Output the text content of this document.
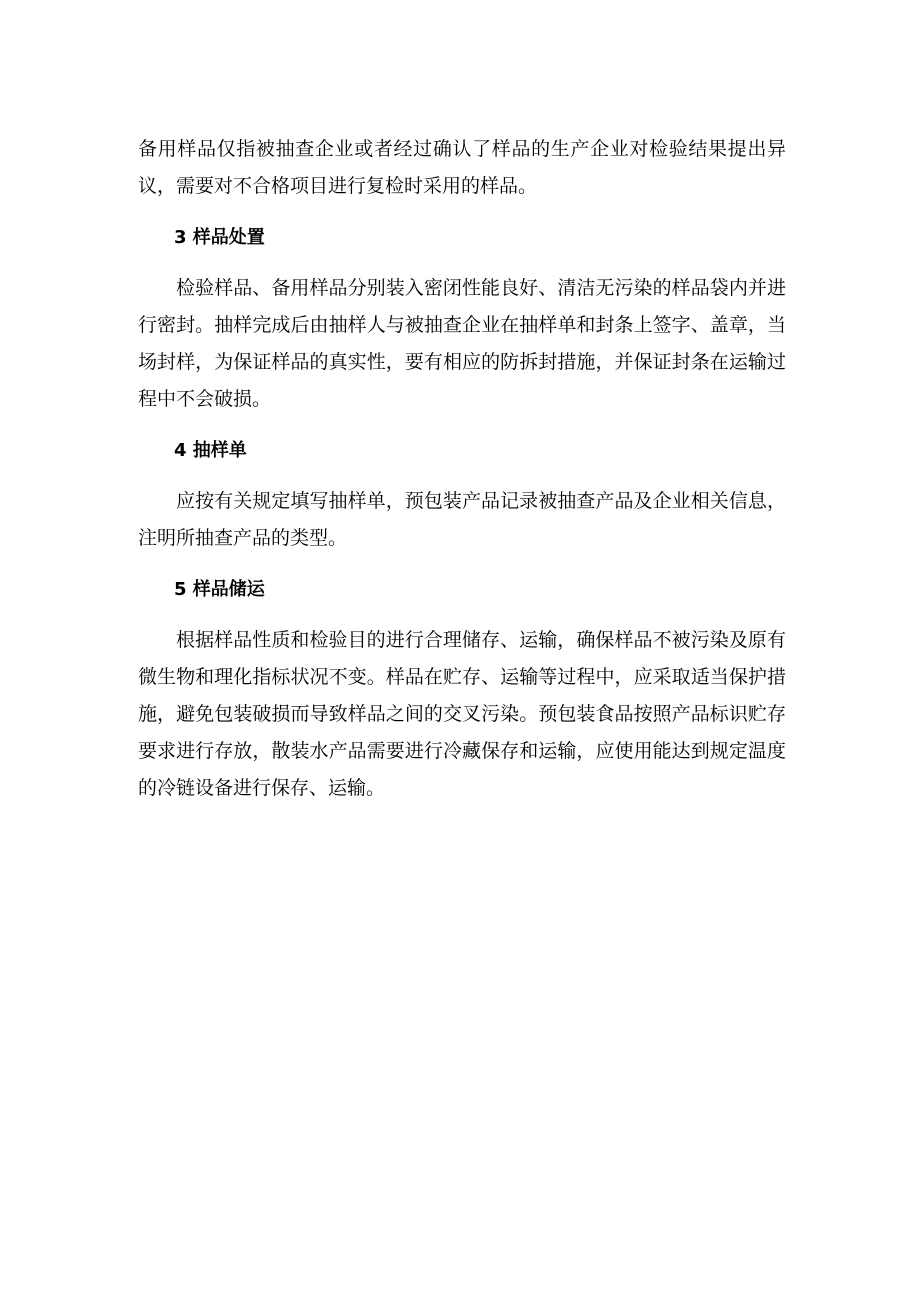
备用样品仅指被抽查企业或者经过确认了样品的生产企业对检验结果提出异议，需要对不合格项目进行复检时采用的样品。

3 样品处置

检验样品、备用样品分别装入密闭性能良好、清洁无污染的样品袋内并进行密封。抽样完成后由抽样人与被抽查企业在抽样单和封条上签字、盖章，当场封样，为保证样品的真实性，要有相应的防拆封措施，并保证封条在运输过程中不会破损。

4 抽样单

应按有关规定填写抽样单，预包装产品记录被抽查产品及企业相关信息，注明所抽查产品的类型。

5 样品储运

根据样品性质和检验目的进行合理储存、运输，确保样品不被污染及原有微生物和理化指标状况不变。样品在贮存、运输等过程中，应采取适当保护措施，避免包装破损而导致样品之间的交叉污染。预包装食品按照产品标识贮存要求进行存放，散装水产品需要进行冷藏保存和运输，应使用能达到规定温度的冷链设备进行保存、运输。
